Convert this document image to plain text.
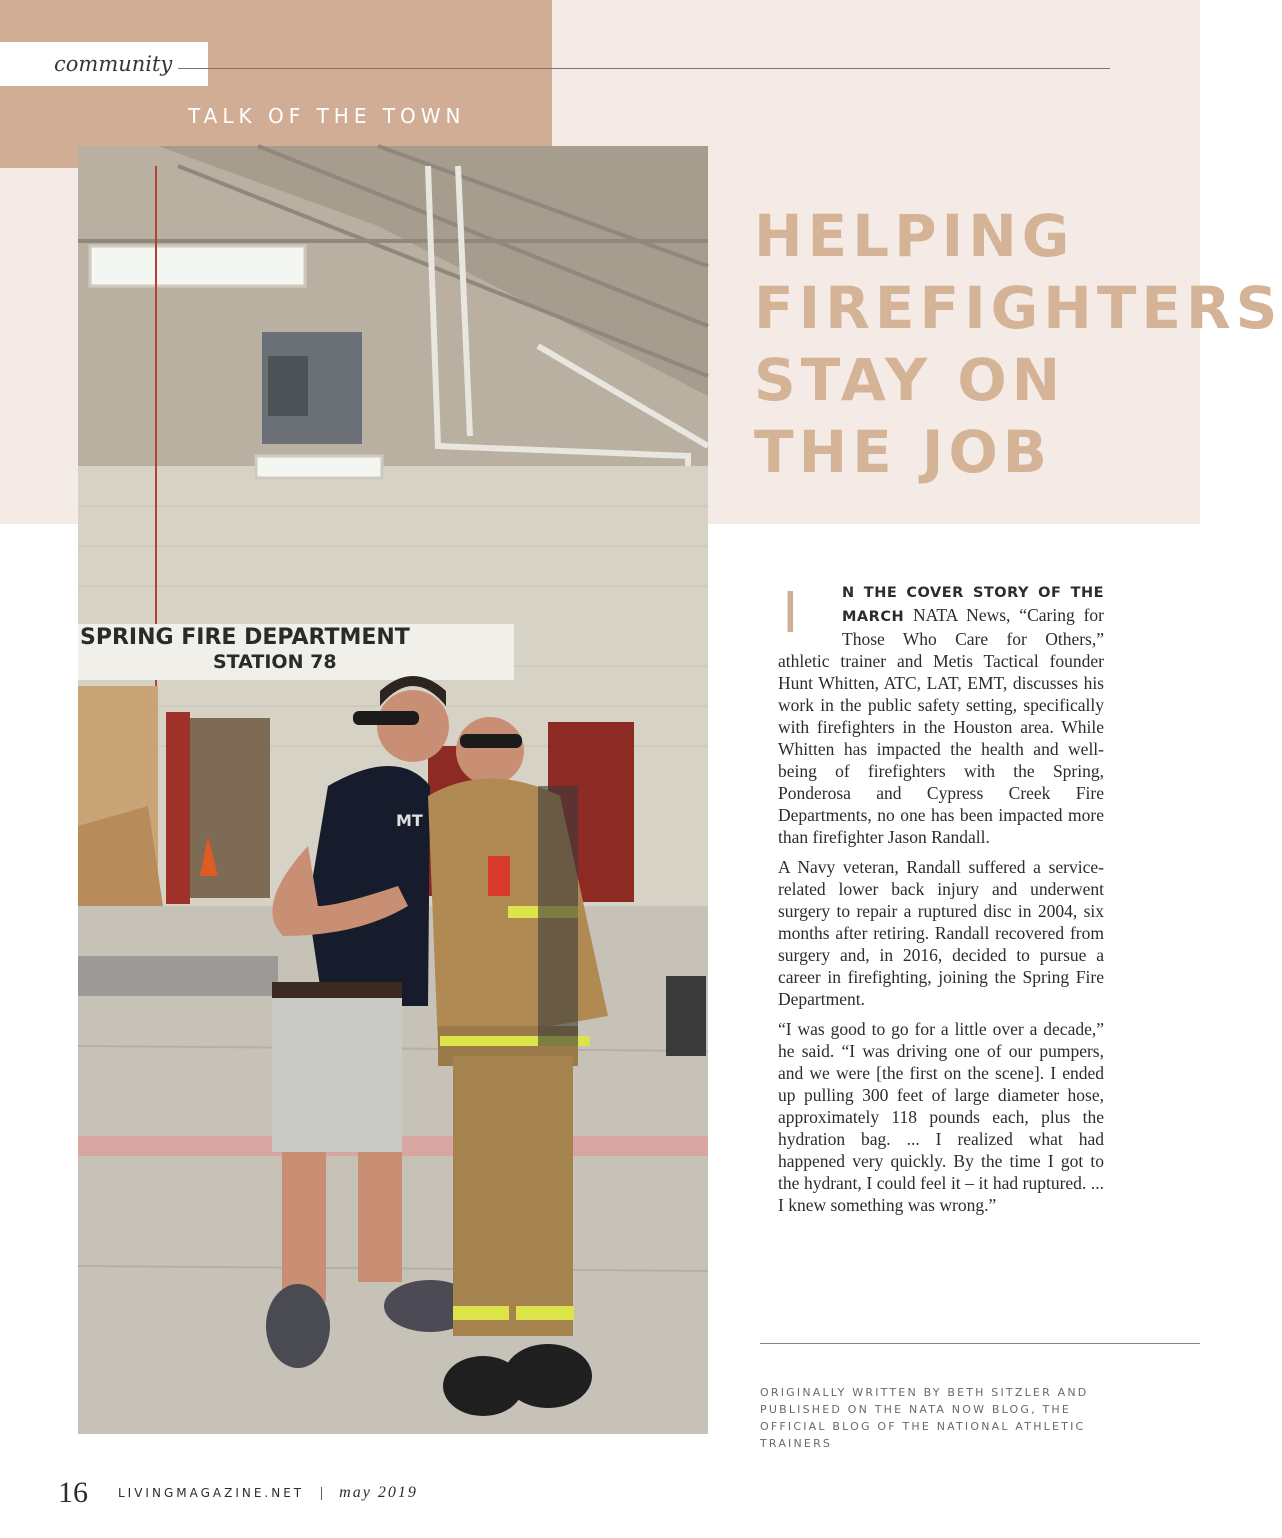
community
TALK OF THE TOWN
SPRING FIRE DEPARTMENT
STATION 78
MT
HELPING
FIREFIGHTERS
STAY ON
THE JOB

I	N THE COVER STORY OF THE MARCH NATA News, “Caring for Those Who Care for Others,” athletic trainer and Metis Tactical founder Hunt Whitten, ATC, LAT, EMT, discusses his work in the public safety setting, specifically with firefighters in the Houston area. While Whitten has impacted the health and well-being of firefighters with the Spring, Ponderosa and Cypress Creek Fire Departments, no one has been impacted more than firefighter Jason Randall.

A Navy veteran, Randall suffered a service-related lower back injury and underwent surgery to repair a ruptured disc in 2004, six months after retiring. Randall recovered from surgery and, in 2016, decided to pursue a career in firefighting, joining the Spring Fire Department.

“I was good to go for a little over a decade,” he said. “I was driving one of our pumpers, and we were [the first on the scene]. I ended up pulling 300 feet of large diameter hose, approximately 118 pounds each, plus the hydration bag. ... I realized what had happened very quickly. By the time I got to the hydrant, I could feel it – it had ruptured. ... I knew something was wrong.”

ORIGINALLY WRITTEN BY BETH SITZLER AND PUBLISHED ON THE NATA NOW BLOG, THE OFFICIAL BLOG OF THE NATIONAL ATHLETIC TRAINERS
16	LIVINGMAGAZINE.NET | may 2019
